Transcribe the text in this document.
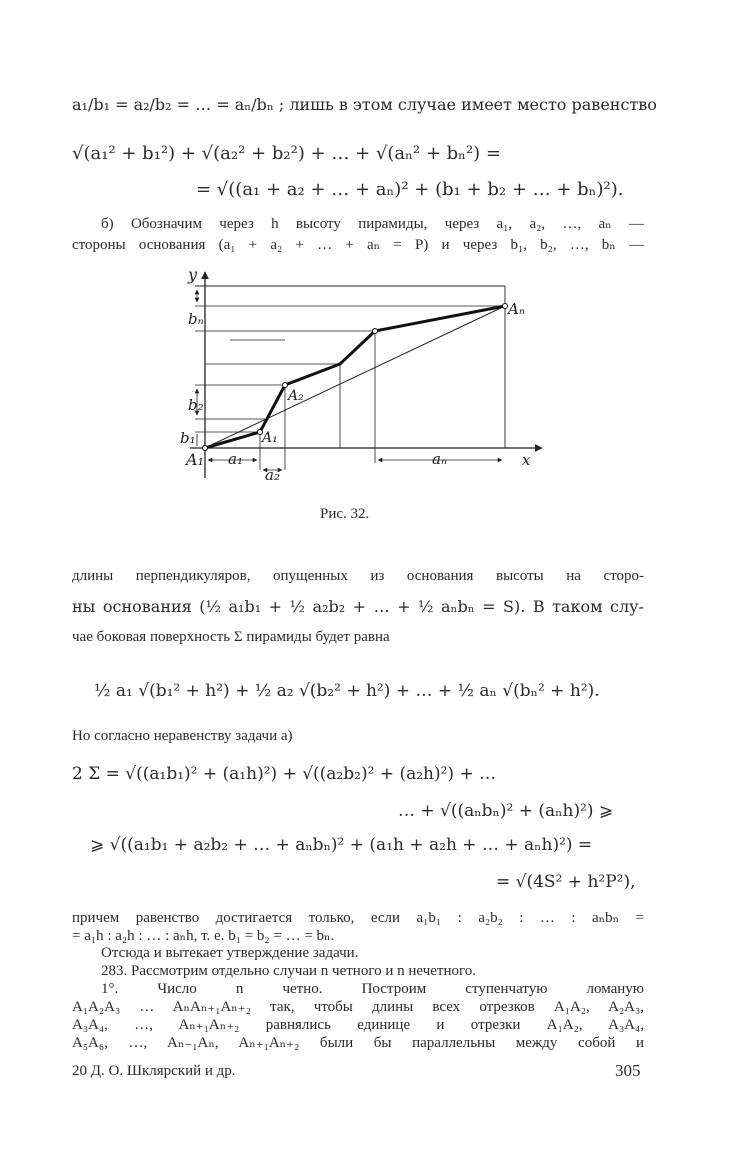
a₁/b₁ = a₂/b₂ = … = aₙ/bₙ ; лишь в этом случае имеет место равенство
√(a₁² + b₁²) + √(a₂² + b₂²) + … + √(aₙ² + bₙ²) =
= √((a₁ + a₂ + … + aₙ)² + (b₁ + b₂ + … + bₙ)²).
б) Обозначим через h высоту пирамиды, через a₁, a₂, …, aₙ —
стороны основания (a₁ + a₂ + … + aₙ = P) и через b₁, b₂, …, bₙ —
y
x
bₙ
b₂
b₁
A₁ a₁
a₂
aₙ
A₁
A₂
Aₙ
Рис. 32.
длины перпендикуляров, опущенных из основания высоты на сторо-
ны основания (½ a₁b₁ + ½ a₂b₂ + … + ½ aₙbₙ = S). В таком слу-
чае боковая поверхность Σ пирамиды будет равна
½ a₁ √(b₁² + h²) + ½ a₂ √(b₂² + h²) + … + ½ aₙ √(bₙ² + h²).
Но согласно неравенству задачи а)
2 Σ = √((a₁b₁)² + (a₁h)²) + √((a₂b₂)² + (a₂h)²) + …
… + √((aₙbₙ)² + (aₙh)²) ⩾
⩾ √((a₁b₁ + a₂b₂ + … + aₙbₙ)² + (a₁h + a₂h + … + aₙh)²) =
= √(4S² + h²P²),
причем равенство достигается только, если a₁b₁ : a₂b₂ : … : aₙbₙ =
= a₁h : a₂h : … : aₙh, т. е. b₁ = b₂ = … = bₙ.
Отсюда и вытекает утверждение задачи.
283. Рассмотрим отдельно случаи n четного и n нечетного.
1°. Число n четно. Построим ступенчатую ломаную
A₁A₂A₃ … AₙAₙ₊₁Aₙ₊₂ так, чтобы длины всех отрезков A₁A₂, A₂A₃,
A₃A₄, …, Aₙ₊₁Aₙ₊₂ равнялись единице и отрезки A₁A₂, A₃A₄,
A₅A₆, …, Aₙ₋₁Aₙ, Aₙ₊₁Aₙ₊₂ были бы параллельны между собой и
20 Д. О. Шклярский и др.	305
